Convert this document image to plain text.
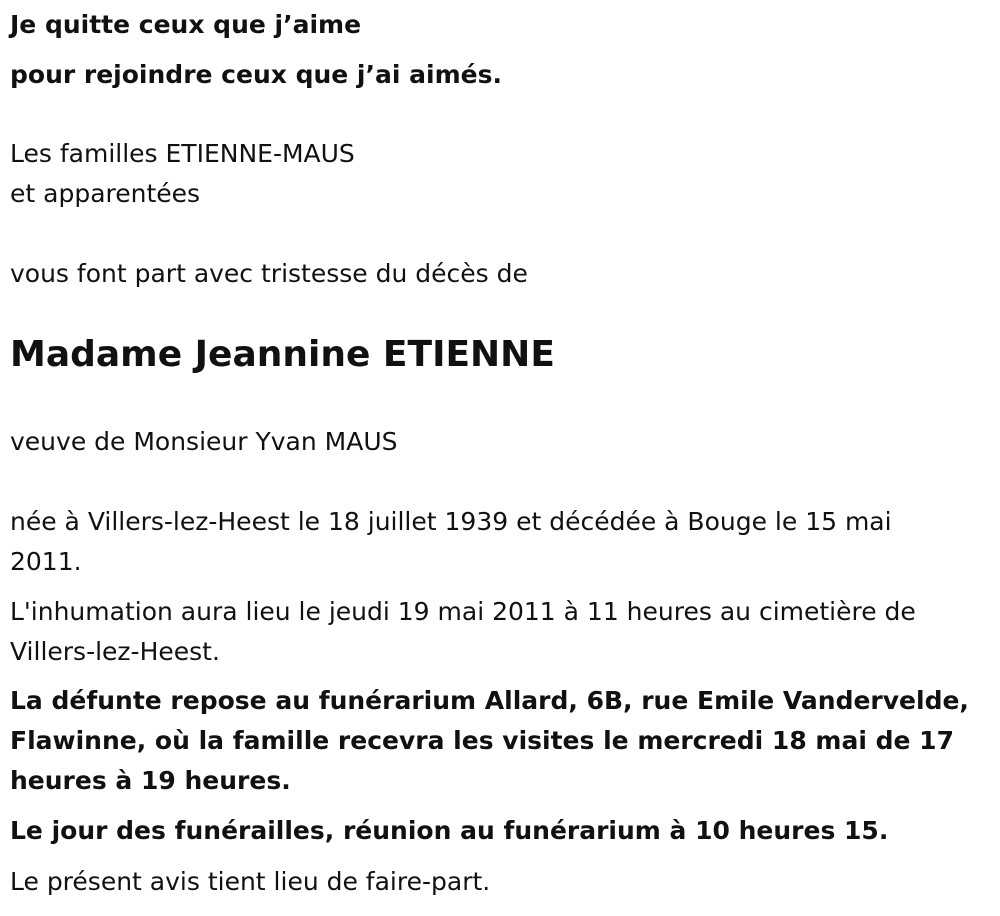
Je quitte ceux que j’aime
pour rejoindre ceux que j’ai aimés.
Les familles ETIENNE-MAUS
et apparentées
vous font part avec tristesse du décès de
Madame Jeannine ETIENNE
veuve de Monsieur Yvan MAUS
née à Villers-lez-Heest le 18 juillet 1939 et décédée à Bouge le 15 mai
2011.
L'inhumation aura lieu le jeudi 19 mai 2011 à 11 heures au cimetière de
Villers-lez-Heest.
La défunte repose au funérarium Allard, 6B, rue Emile Vandervelde,
Flawinne, où la famille recevra les visites le mercredi 18 mai de 17
heures à 19 heures.
Le jour des funérailles, réunion au funérarium à 10 heures 15.
Le présent avis tient lieu de faire-part.
